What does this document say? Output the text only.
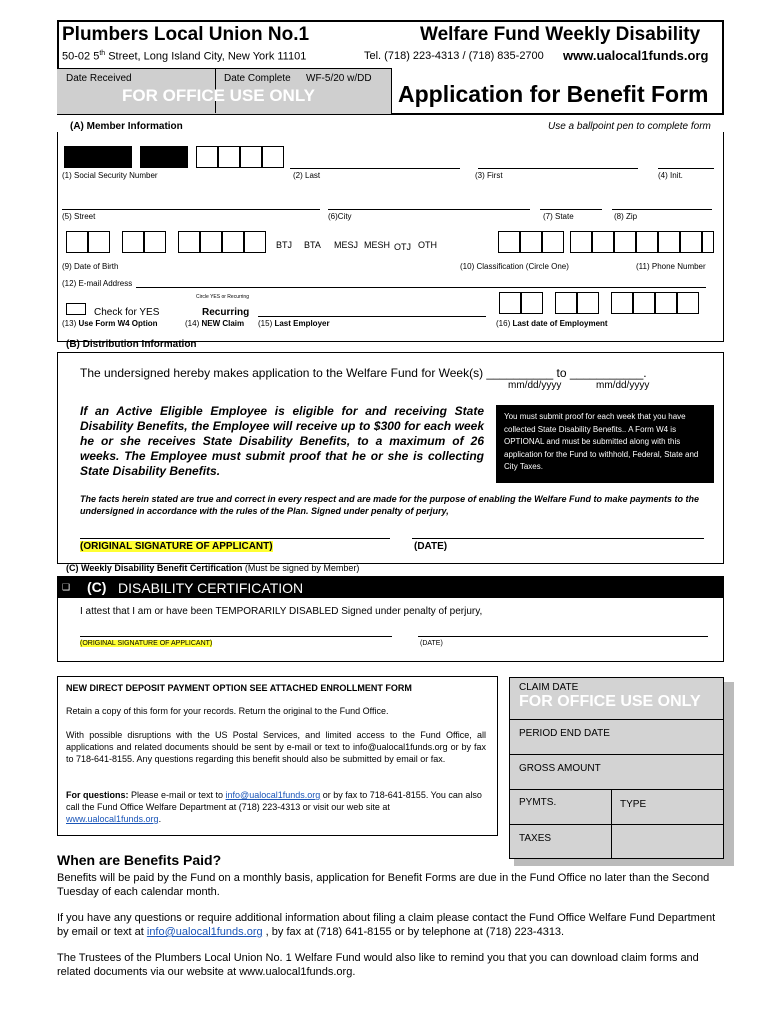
Plumbers Local Union No.1	Welfare Fund Weekly Disability
50-02 5th Street, Long Island City, New York 11101	Tel. (718) 223-4313 / (718) 835-2700 www.ualocal1funds.org
Date Received	Date Complete WF-5/20 w/DD
FOR OFFICE USE ONLY	Application for Benefit Form
(A) Member Information	Use a ballpoint pen to complete form
(1) Social Security Number	(2) Last	(3) First	(4) Init.
(5) Street	(6)City	(7) State	(8) Zip
BTJ BTA MESJ MESH OTJ OTH
(9) Date of Birth	(10) Classification (Circle One)	(11) Phone Number
(12) E-mail Address
Circle YES or Recurring
Check for YES	Recurring
(13) Use Form W4 Option	(14) NEW Claim (15) Last Employer	(16) Last date of Employment
(B) Distribution Information
The undersigned hereby makes application to the Welfare Fund for Week(s) __________ to ___________.
mm/dd/yyyy	mm/dd/yyyy
If an Active Eligible Employee is eligible for and receiving State Disability Benefits, the Employee will receive up to $300 for each week he or she receives State Disability Benefits, to a maximum of 26 weeks. The Employee must submit proof that he or she is collecting State Disability Benefits.
You must submit proof for each week that you have collected State Disability Benefits.. A Form W4 is OPTIONAL and must be submitted along with this application for the Fund to withhold, Federal, State and City Taxes.
The facts herein stated are true and correct in every respect and are made for the purpose of enabling the Welfare Fund to make payments to the undersigned in accordance with the rules of the Plan. Signed under penalty of perjury,
(ORIGINAL SIGNATURE OF APPLICANT)	(DATE)
(C) Weekly Disability Benefit Certification (Must be signed by Member)
❑ (C) DISABILITY CERTIFICATION
I attest that I am or have been TEMPORARILY DISABLED Signed under penalty of perjury,
(ORIGINAL SIGNATURE OF APPLICANT)	(DATE)
NEW DIRECT DEPOSIT PAYMENT OPTION SEE ATTACHED ENROLLMENT FORM
Retain a copy of this form for your records. Return the original to the Fund Office.
With possible disruptions with the US Postal Services, and limited access to the Fund Office, all applications and related documents should be sent by e-mail or text to info@ualocal1funds.org or by fax to 718-641-8155. Any questions regarding this benefit should also be submitted by email or fax.
For questions: Please e-mail or text to info@ualocal1funds.org or by fax to 718-641-8155. You can also call the Fund Office Welfare Department at (718) 223-4313 or visit our web site at www.ualocal1funds.org.
CLAIM DATE
FOR OFFICE USE ONLY
PERIOD END DATE
GROSS AMOUNT
PYMTS.	TYPE
TAXES
When are Benefits Paid?
Benefits will be paid by the Fund on a monthly basis, application for Benefit Forms are due in the Fund Office no later than the Second Tuesday of each calendar month.
If you have any questions or require additional information about filing a claim please contact the Fund Office Welfare Fund Department by email or text at info@ualocal1funds.org , by fax at (718) 641-8155 or by telephone at (718) 223-4313.
The Trustees of the Plumbers Local Union No. 1 Welfare Fund would also like to remind you that you can download claim forms and related documents via our website at www.ualocal1funds.org.
